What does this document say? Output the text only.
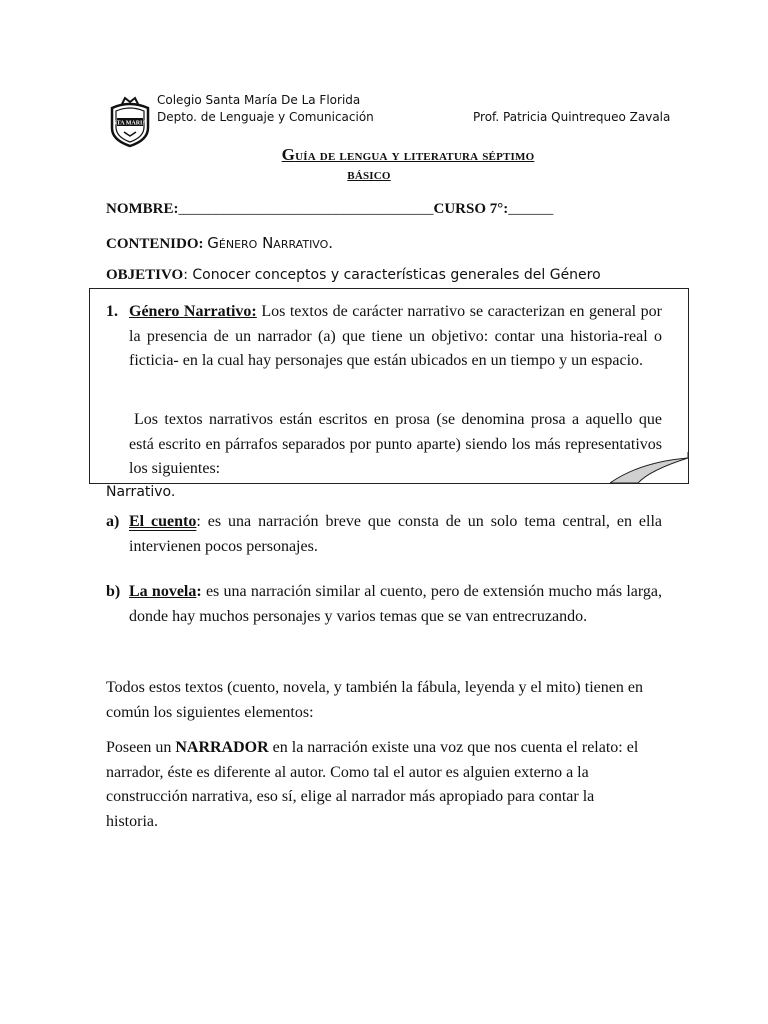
STA MARIA
Colegio Santa María De La Florida
Depto. de Lenguaje y Comunicación	Prof. Patricia Quintrequeo Zavala
Guía de lengua y literatura séptimo
básico
NOMBRE:__________________________________CURSO 7°:______
CONTENIDO: Género Narrativo.
OBJETIVO: Conocer conceptos y características generales del Género
Narrativo.
1. Género Narrativo: Los textos de carácter narrativo se caracterizan en general por la presencia de un narrador (a) que tiene un objetivo: contar una historia-real o ficticia- en la cual hay personajes que están ubicados en un tiempo y un espacio.
Los textos narrativos están escritos en prosa (se denomina prosa a aquello que está escrito en párrafos separados por punto aparte) siendo los más representativos los siguientes:
a) El cuento: es una narración breve que consta de un solo tema central, en ella intervienen pocos personajes.
b) La novela: es una narración similar al cuento, pero de extensión mucho más larga, donde hay muchos personajes y varios temas que se van entrecruzando.
Todos estos textos (cuento, novela, y también la fábula, leyenda y el mito) tienen en común los siguientes elementos:
Poseen un NARRADOR en la narración existe una voz que nos cuenta el relato: el narrador, éste es diferente al autor. Como tal el autor es alguien externo a la construcción narrativa, eso sí, elige al narrador más apropiado para contar la historia.
